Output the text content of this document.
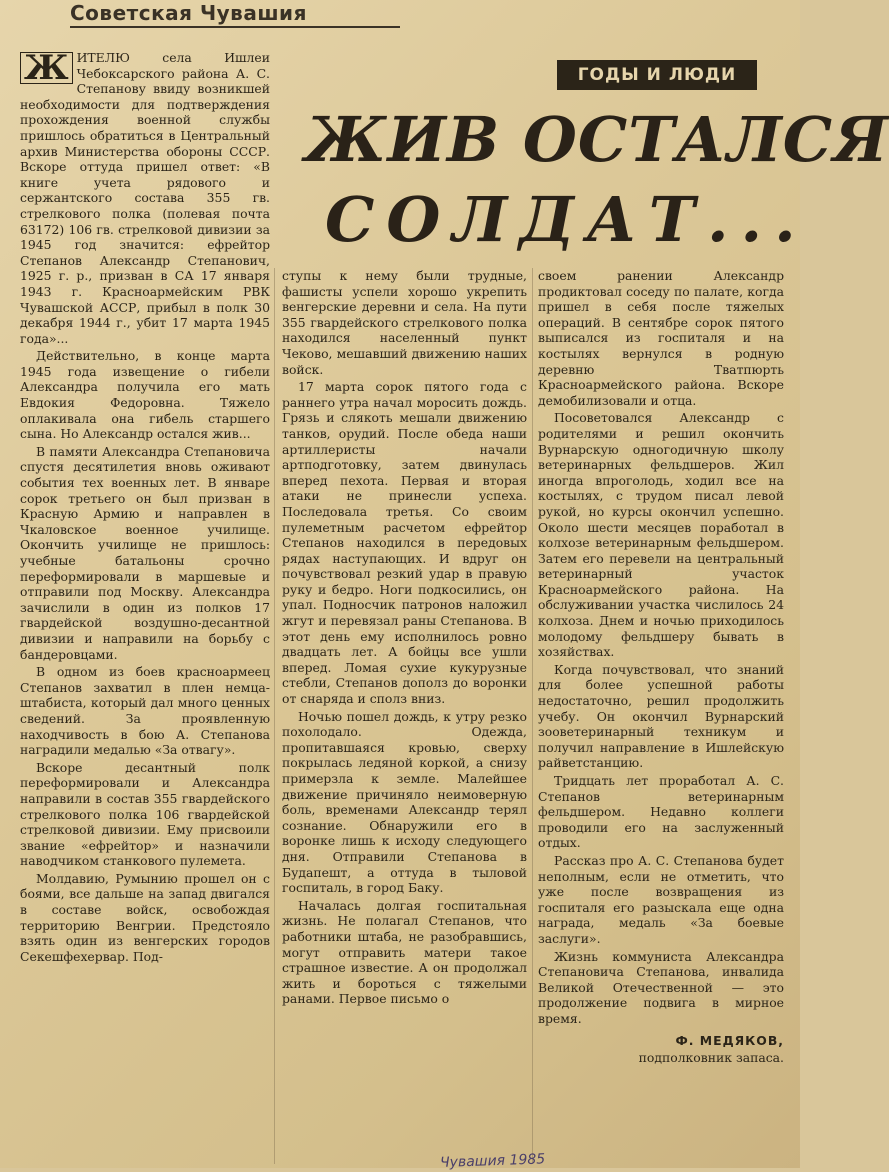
Советская Чувашия
ГОДЫ И ЛЮДИ
ЖИВ ОСТАЛСЯ
СОЛДАТ...

Ж ИТЕЛЮ села Ишлеи Чебоксарского района А. С. Степанову ввиду возникшей необходимости для подтверждения прохождения военной службы пришлось обратиться в Центральный архив Министерства обороны СССР. Вскоре оттуда пришел ответ: «В книге учета рядового и сержантского состава 355 гв. стрелкового полка (полевая почта 63172) 106 гв. стрелковой дивизии за 1945 год значится: ефрейтор Степанов Александр Степанович, 1925 г. р., призван в СА 17 января 1943 г. Красноармейским РВК Чувашской АССР, прибыл в полк 30 декабря 1944 г., убит 17 марта 1945 года»...

Действительно, в конце марта 1945 года извещение о гибели Александра получила его мать Евдокия Федоровна. Тяжело оплакивала она гибель старшего сына. Но Александр остался жив...

В памяти Александра Степановича спустя десятилетия вновь оживают события тех военных лет. В январе сорок третьего он был призван в Красную Армию и направлен в Чкаловское военное училище. Окончить училище не пришлось: учебные батальоны срочно переформировали в маршевые и отправили под Москву. Александра зачислили в один из полков 17 гвардейской воздушно-десантной дивизии и направили на борьбу с бандеровцами.

В одном из боев красноармеец Степанов захватил в плен немца-штабиста, который дал много ценных сведений. За проявленную находчивость в бою А. Степанова наградили медалью «За отвагу».

Вскоре десантный полк переформировали и Александра направили в состав 355 гвардейского стрелкового полка 106 гвардейской стрелковой дивизии. Ему присвоили звание «ефрейтор» и назначили наводчиком станкового пулемета.

Молдавию, Румынию прошел он с боями, все дальше на запад двигался в составе войск, освобождая территорию Венгрии. Предстояло взять один из венгерских городов Секешфехервар. Под-

ступы к нему были трудные, фашисты успели хорошо укрепить венгерские деревни и села. На пути 355 гвардейского стрелкового полка находился населенный пункт Чеково, мешавший движению наших войск.

17 марта сорок пятого года с раннего утра начал моросить дождь. Грязь и слякоть мешали движению танков, орудий. После обеда наши артиллеристы начали артподготовку, затем двинулась вперед пехота. Первая и вторая атаки не принесли успеха. Последовала третья. Со своим пулеметным расчетом ефрейтор Степанов находился в передовых рядах наступающих. И вдруг он почувствовал резкий удар в правую руку и бедро. Ноги подкосились, он упал. Подносчик патронов наложил жгут и перевязал раны Степанова. В этот день ему исполнилось ровно двадцать лет. А бойцы все ушли вперед. Ломая сухие кукурузные стебли, Степанов дополз до воронки от снаряда и сполз вниз.

Ночью пошел дождь, к утру резко похолодало. Одежда, пропитавшаяся кровью, сверху покрылась ледяной коркой, а снизу примерзла к земле. Малейшее движение причиняло неимоверную боль, временами Александр терял сознание. Обнаружили его в воронке лишь к исходу следующего дня. Отправили Степанова в Будапешт, а оттуда в тыловой госпиталь, в город Баку.

Началась долгая госпитальная жизнь. Не полагал Степанов, что работники штаба, не разобравшись, могут отправить матери такое страшное известие. А он продолжал жить и бороться с тяжелыми ранами. Первое письмо о

своем ранении Александр продиктовал соседу по палате, когда пришел в себя после тяжелых операций. В сентябре сорок пятого выписался из госпиталя и на костылях вернулся в родную деревню Тватпюрть Красноармейского района. Вскоре демобилизовали и отца.

Посоветовался Александр с родителями и решил окончить Вурнарскую одногодичную школу ветеринарных фельдшеров. Жил иногда впроголодь, ходил все на костылях, с трудом писал левой рукой, но курсы окончил успешно. Около шести месяцев поработал в колхозе ветеринарным фельдшером. Затем его перевели на центральный ветеринарный участок Красноармейского района. На обслуживании участка числилось 24 колхоза. Днем и ночью приходилось молодому фельдшеру бывать в хозяйствах.

Когда почувствовал, что знаний для более успешной работы недостаточно, решил продолжить учебу. Он окончил Вурнарский зооветеринарный техникум и получил направление в Ишлейскую райветстанцию.

Тридцать лет проработал А. С. Степанов ветеринарным фельдшером. Недавно коллеги проводили его на заслуженный отдых.

Рассказ про А. С. Степанова будет неполным, если не отметить, что уже после возвращения из госпиталя его разыскала еще одна награда, медаль «За боевые заслуги».

Жизнь коммуниста Александра Степановича Степанова, инвалида Великой Отечественной — это продолжение подвига в мирное время.

Ф. МЕДЯКОВ,

подполковник запаса.

Чувашия 1985
